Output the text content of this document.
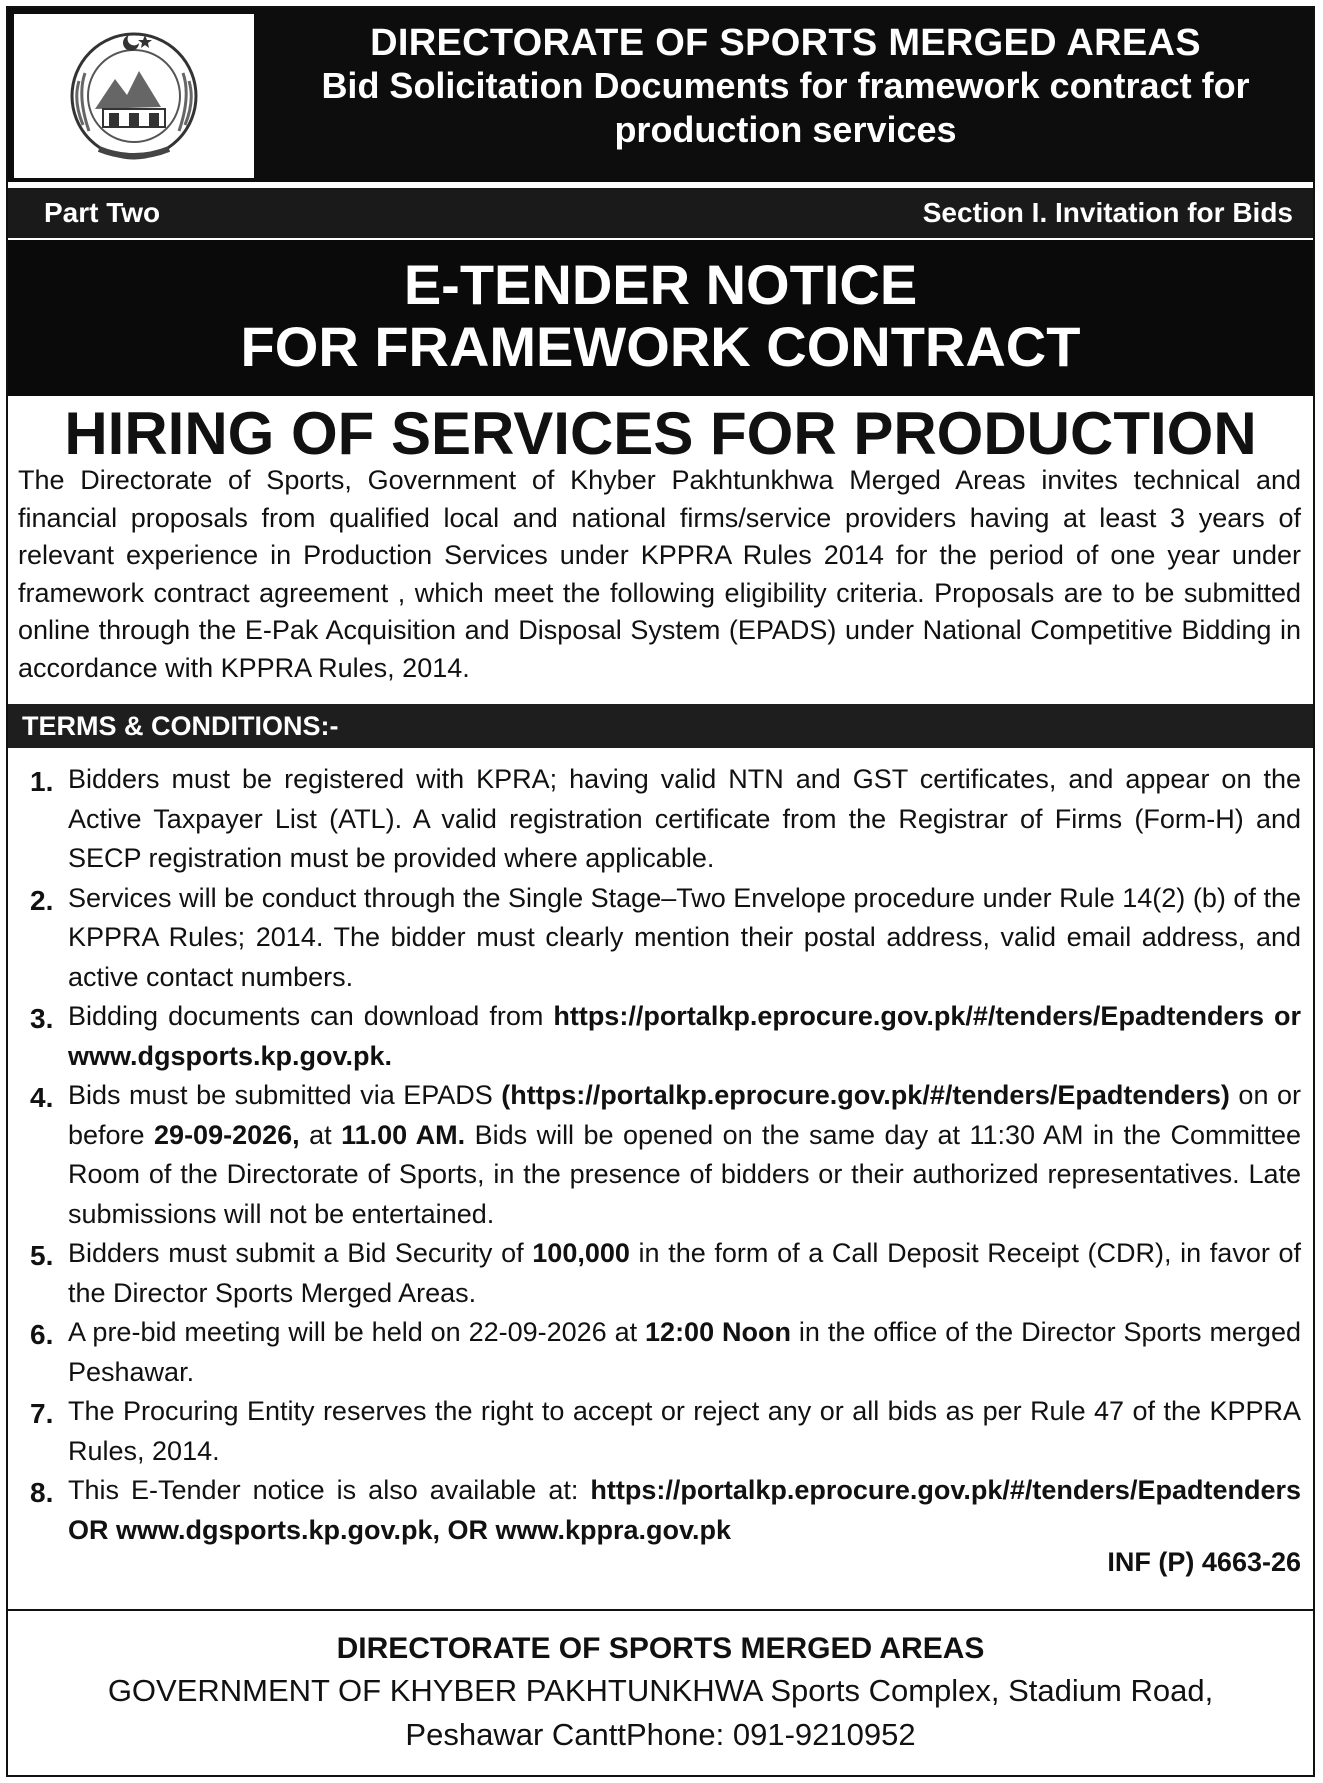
DIRECTORATE OF SPORTS MERGED AREAS
Bid Solicitation Documents for framework contract for
production services
Part Two	Section I. Invitation for Bids
E-TENDER NOTICE
FOR FRAMEWORK CONTRACT
HIRING OF SERVICES FOR PRODUCTION
The Directorate of Sports, Government of Khyber Pakhtunkhwa Merged Areas invites technical and financial proposals from qualified local and national firms/service providers having at least 3 years of relevant experience in Production Services under KPPRA Rules 2014 for the period of one year under framework contract agreement , which meet the following eligibility criteria. Proposals are to be submitted online through the E-Pak Acquisition and Disposal System (EPADS) under National Competitive Bidding in accordance with KPPRA Rules, 2014.
TERMS & CONDITIONS:-
1. Bidders must be registered with KPRA; having valid NTN and GST certificates, and appear on the Active Taxpayer List (ATL). A valid registration certificate from the Registrar of Firms (Form-H) and SECP registration must be provided where applicable.
2. Services will be conduct through the Single Stage–Two Envelope procedure under Rule 14(2) (b) of the KPPRA Rules; 2014. The bidder must clearly mention their postal address, valid email address, and active contact numbers.
3. Bidding documents can download from https://portalkp.eprocure.gov.pk/#/tenders/Epadtenders or www.dgsports.kp.gov.pk.
4. Bids must be submitted via EPADS (https://portalkp.eprocure.gov.pk/#/tenders/Epadtenders) on or before 29-09-2026, at 11.00 AM. Bids will be opened on the same day at 11:30 AM in the Committee Room of the Directorate of Sports, in the presence of bidders or their authorized representatives. Late submissions will not be entertained.
5. Bidders must submit a Bid Security of 100,000 in the form of a Call Deposit Receipt (CDR), in favor of the Director Sports Merged Areas.
6. A pre-bid meeting will be held on 22-09-2026 at 12:00 Noon in the office of the Director Sports merged Peshawar.
7. The Procuring Entity reserves the right to accept or reject any or all bids as per Rule 47 of the KPPRA Rules, 2014.
8. This E-Tender notice is also available at: https://portalkp.eprocure.gov.pk/#/tenders/Epadtenders OR www.dgsports.kp.gov.pk, OR www.kppra.gov.pk
INF (P) 4663-26
DIRECTORATE OF SPORTS MERGED AREAS
GOVERNMENT OF KHYBER PAKHTUNKHWA Sports Complex, Stadium Road,
Peshawar CanttPhone: 091-9210952
